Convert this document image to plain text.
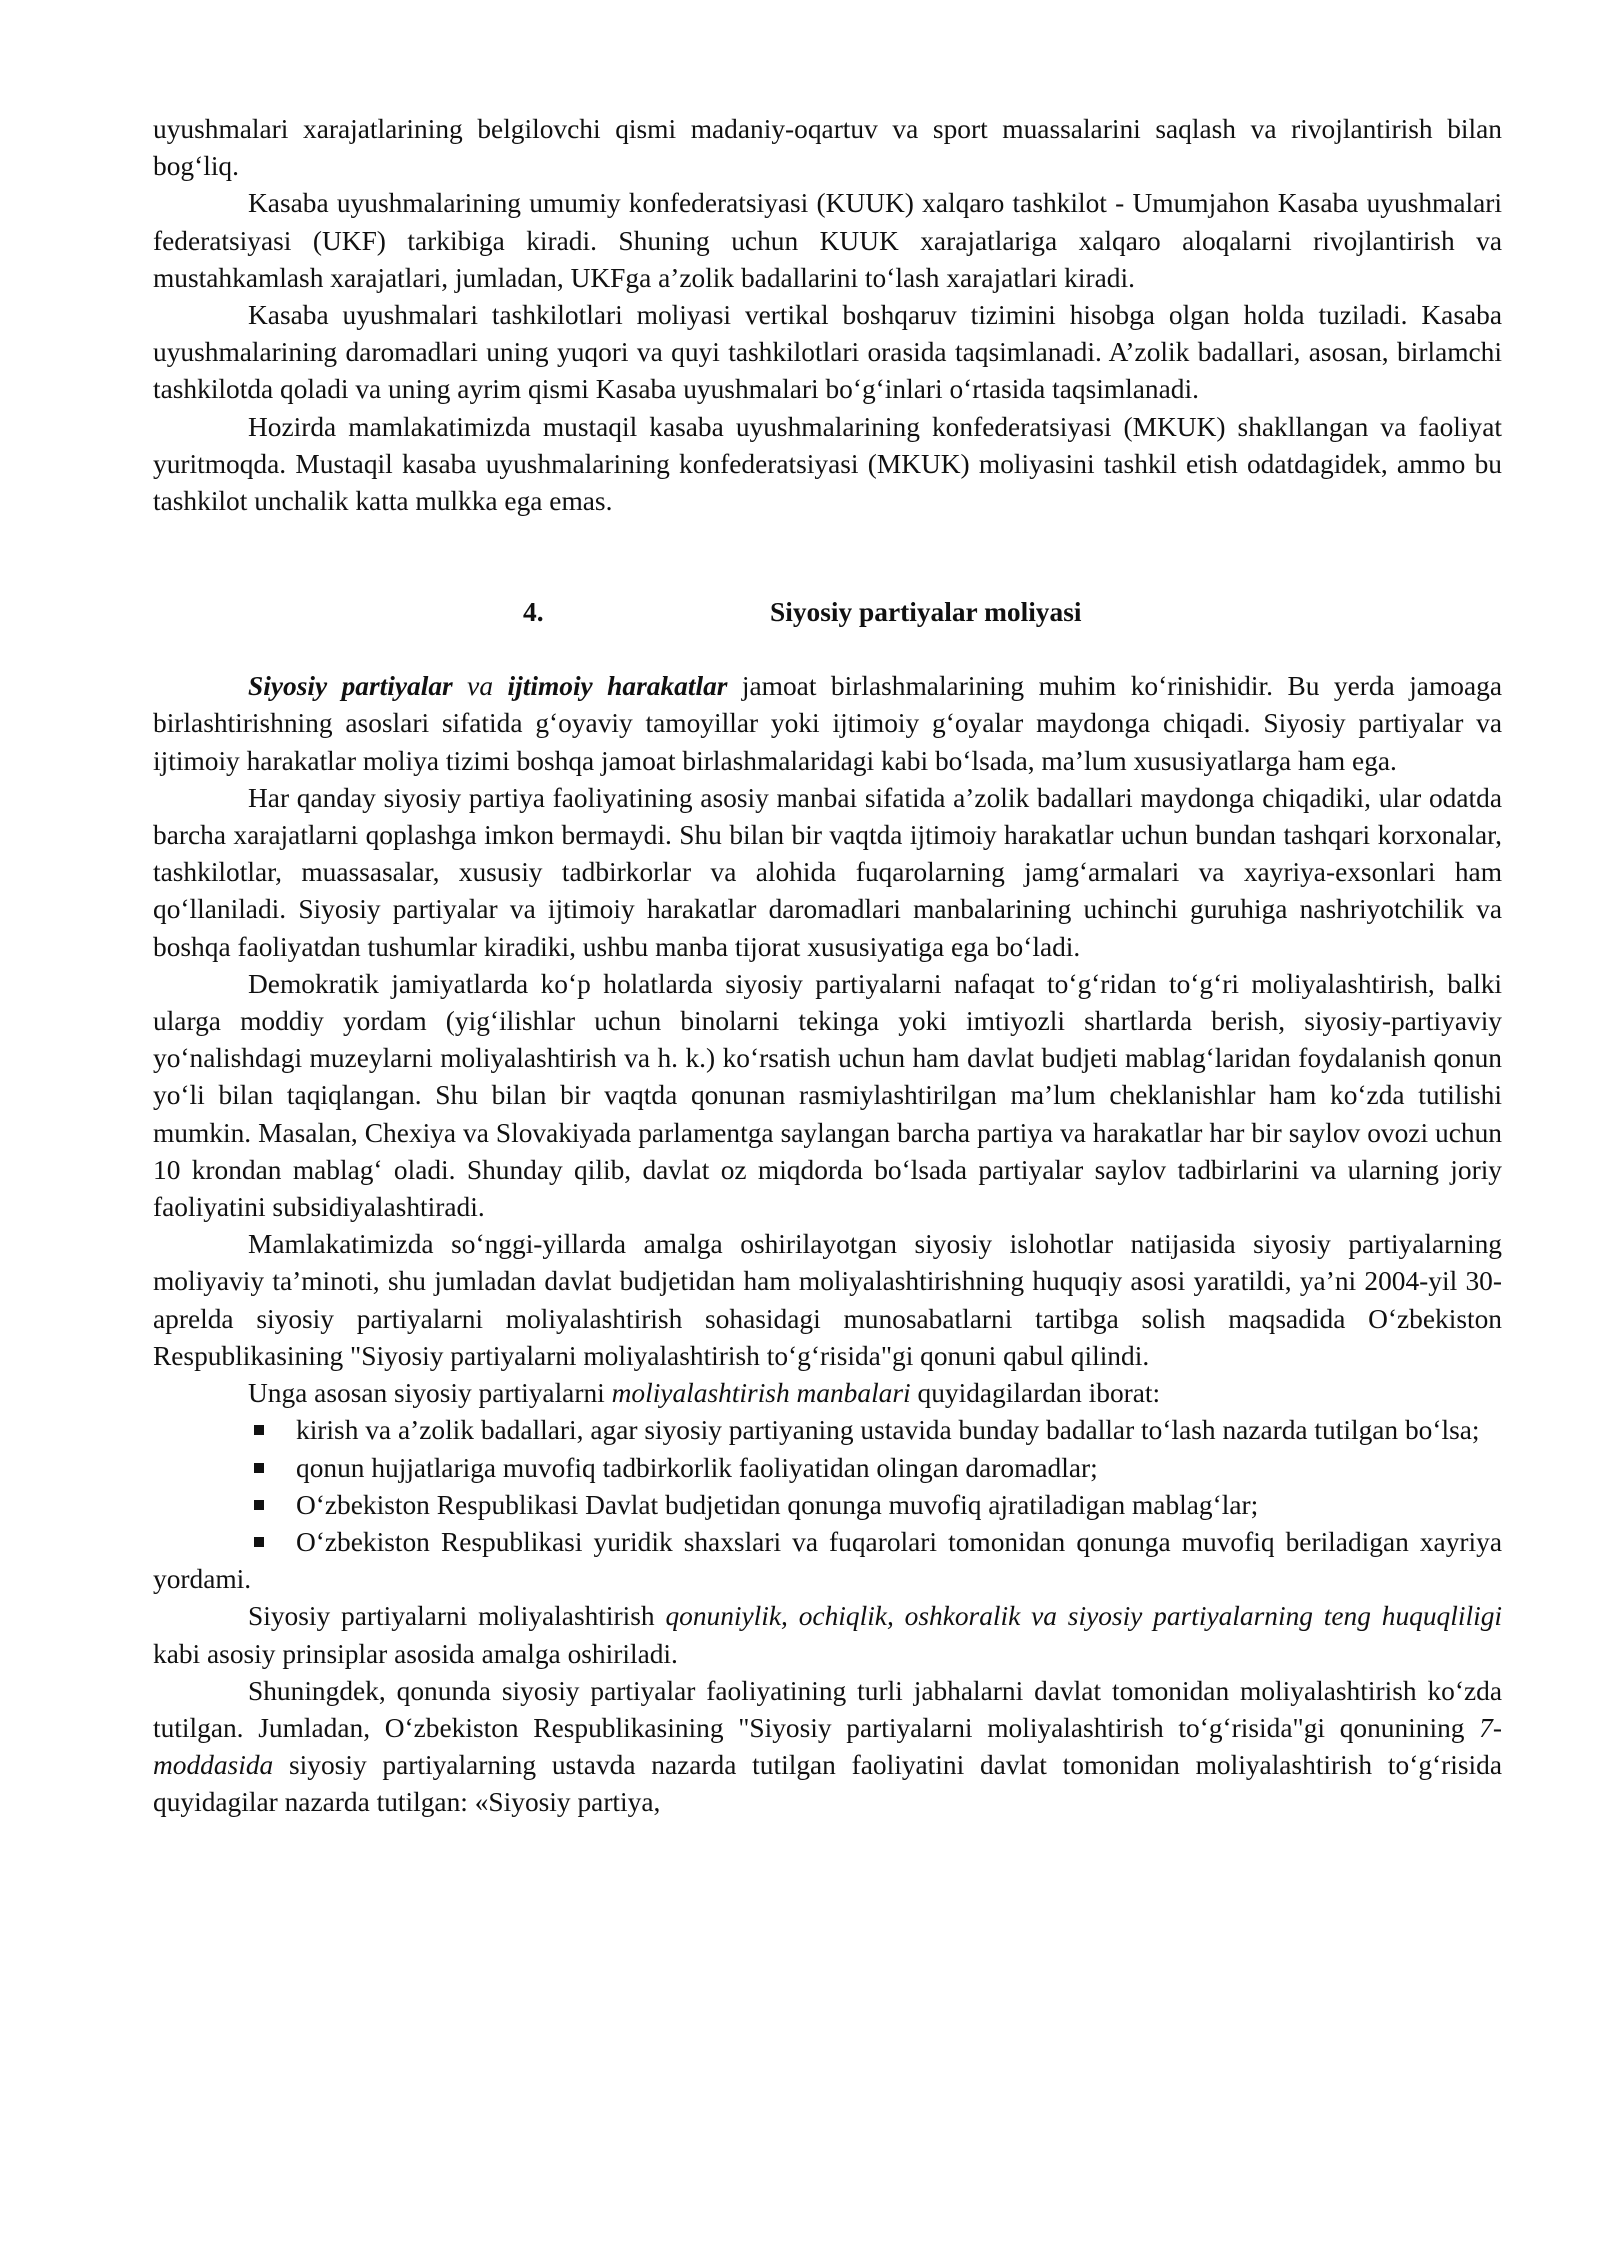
uyushmalari xarajatlarining belgilovchi qismi madaniy-oqartuv va sport muassalarini saqlash va rivojlantirish bilan bog‘liq.

Kasaba uyushmalarining umumiy konfederatsiyasi (KUUK) xalqaro tashkilot - Umumjahon Kasaba uyushmalari federatsiyasi (UKF) tarkibiga kiradi. Shuning uchun KUUK xarajatlariga xalqaro aloqalarni rivojlantirish va mustahkamlash xarajatlari, jumladan, UKFga a’zolik badallarini to‘lash xarajatlari kiradi.

Kasaba uyushmalari tashkilotlari moliyasi vertikal boshqaruv tizimini hisobga olgan holda tuziladi. Kasaba uyushmalarining daromadlari uning yuqori va quyi tashkilotlari orasida taqsimlanadi. A’zolik badallari, asosan, birlamchi tashkilotda qoladi va uning ayrim qismi Kasaba uyushmalari bo‘g‘inlari o‘rtasida taqsimlanadi.

Hozirda mamlakatimizda mustaqil kasaba uyushmalarining konfederatsiyasi (MKUK) shakllangan va faoliyat yuritmoqda. Mustaqil kasaba uyushmalarining konfederatsiyasi (MKUK) moliyasini tashkil etish odatdagidek, ammo bu tashkilot unchalik katta mulkka ega emas.

4.	Siyosiy partiyalar moliyasi

Siyosiy partiyalar va ijtimoiy harakatlar jamoat birlashmalarining muhim ko‘rinishidir. Bu yerda jamoaga birlashtirishning asoslari sifatida g‘oyaviy tamoyillar yoki ijtimoiy g‘oyalar maydonga chiqadi. Siyosiy partiyalar va ijtimoiy harakatlar moliya tizimi boshqa jamoat birlashmalaridagi kabi bo‘lsada, ma’lum xususiyatlarga ham ega.

Har qanday siyosiy partiya faoliyatining asosiy manbai sifatida a’zolik badallari maydonga chiqadiki, ular odatda barcha xarajatlarni qoplashga imkon bermaydi. Shu bilan bir vaqtda ijtimoiy harakatlar uchun bundan tashqari korxonalar, tashkilotlar, muassasalar, xususiy tadbirkorlar va alohida fuqarolarning jamg‘armalari va xayriya-exsonlari ham qo‘llaniladi. Siyosiy partiyalar va ijtimoiy harakatlar daromadlari manbalarining uchinchi guruhiga nashriyotchilik va boshqa faoliyatdan tushumlar kiradiki, ushbu manba tijorat xususiyatiga ega bo‘ladi.

Demokratik jamiyatlarda ko‘p holatlarda siyosiy partiyalarni nafaqat to‘g‘ridan to‘g‘ri moliyalashtirish, balki ularga moddiy yordam (yig‘ilishlar uchun binolarni tekinga yoki imtiyozli shartlarda berish, siyosiy-partiyaviy yo‘nalishdagi muzeylarni moliyalashtirish va h. k.) ko‘rsatish uchun ham davlat budjeti mablag‘laridan foydalanish qonun yo‘li bilan taqiqlangan. Shu bilan bir vaqtda qonunan rasmiylashtirilgan ma’lum cheklanishlar ham ko‘zda tutilishi mumkin. Masalan, Chexiya va Slovakiyada parlamentga saylangan barcha partiya va harakatlar har bir saylov ovozi uchun 10 krondan mablag‘ oladi. Shunday qilib, davlat oz miqdorda bo‘lsada partiyalar saylov tadbirlarini va ularning joriy faoliyatini subsidiyalashtiradi.

Mamlakatimizda so‘nggi-yillarda amalga oshirilayotgan siyosiy islohotlar natijasida siyosiy partiyalarning moliyaviy ta’minoti, shu jumladan davlat budjetidan ham moliyalashtirishning huquqiy asosi yaratildi, ya’ni 2004-yil 30-aprelda siyosiy partiyalarni moliyalashtirish sohasidagi munosabatlarni tartibga solish maqsadida O‘zbekiston Respublikasining "Siyosiy partiyalarni moliyalashtirish to‘g‘risida"gi qonuni qabul qilindi.

Unga asosan siyosiy partiyalarni moliyalashtirish manbalari quyidagilardan iborat:

kirish va a’zolik badallari, agar siyosiy partiyaning ustavida bunday badallar to‘lash nazarda tutilgan bo‘lsa;

qonun hujjatlariga muvofiq tadbirkorlik faoliyatidan olingan daromadlar;

O‘zbekiston Respublikasi Davlat budjetidan qonunga muvofiq ajratiladigan mablag‘lar;

O‘zbekiston Respublikasi yuridik shaxslari va fuqarolari tomonidan qonunga muvofiq beriladigan xayriya yordami.

Siyosiy partiyalarni moliyalashtirish qonuniylik, ochiqlik, oshkoralik va siyosiy partiyalarning teng huquqliligi kabi asosiy prinsiplar asosida amalga oshiriladi.

Shuningdek, qonunda siyosiy partiyalar faoliyatining turli jabhalarni davlat tomonidan moliyalashtirish ko‘zda tutilgan. Jumladan, O‘zbekiston Respublikasining "Siyosiy partiyalarni moliyalashtirish to‘g‘risida"gi qonunining 7-moddasida siyosiy partiyalarning ustavda nazarda tutilgan faoliyatini davlat tomonidan moliyalashtirish to‘g‘risida quyidagilar nazarda tutilgan: «Siyosiy partiya,
